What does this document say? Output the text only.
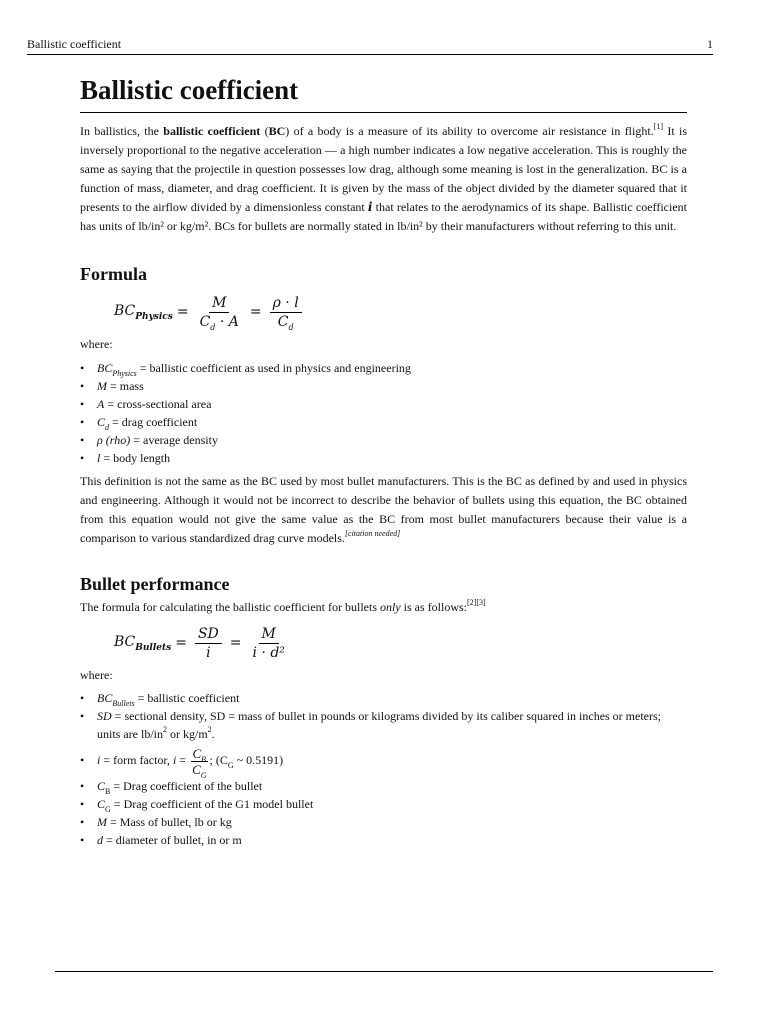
Ballistic coefficient	1
Ballistic coefficient

In ballistics, the ballistic coefficient (BC) of a body is a measure of its ability to overcome air resistance in flight.[1] It is inversely proportional to the negative acceleration — a high number indicates a low negative acceleration. This is roughly the same as saying that the projectile in question possesses low drag, although some meaning is lost in the generalization. BC is a function of mass, diameter, and drag coefficient. It is given by the mass of the object divided by the diameter squared that it presents to the airflow divided by a dimensionless constant i that relates to the aerodynamics of its shape. Ballistic coefficient has units of lb/in² or kg/m². BCs for bullets are normally stated in lb/in² by their manufacturers without referring to this unit.

Formula
$BC_{Physics} = \frac{M}{C_d \cdot A} = \frac{\rho \cdot l}{C_d}$
where:
• $BC_{Physics}$ = ballistic coefficient as used in physics and engineering
• M = mass
• A = cross-sectional area
• $C_d$ = drag coefficient
• ρ (rho) = average density
• l = body length

This definition is not the same as the BC used by most bullet manufacturers. This is the BC as defined by and used in physics and engineering. Although it would not be incorrect to describe the behavior of bullets using this equation, the BC obtained from this equation would not give the same value as the BC from most bullet manufacturers because their value is a comparison to various standardized drag curve models.[citation needed]

Bullet performance

The formula for calculating the ballistic coefficient for bullets only is as follows:[2][3]

$BC_{Bullets} = \frac{SD}{i} = \frac{M}{\text{i · d²}}$
where:
• $BC_{Bullets}$ = ballistic coefficient
• SD = sectional density, SD = mass of bullet in pounds or kilograms divided by its caliber squared in inches or meters; units are $lb/in^2$ or $kg/m^2$.
• i = form factor, $i = \frac{C_B}{C_G}$ ; ($C_G$ ~ 0.5191)
• $C_B$ = Drag coefficient of the bullet
• $C_G$ = Drag coefficient of the G1 model bullet
• M = Mass of bullet, lb or kg
• d = diameter of bullet, in or m
